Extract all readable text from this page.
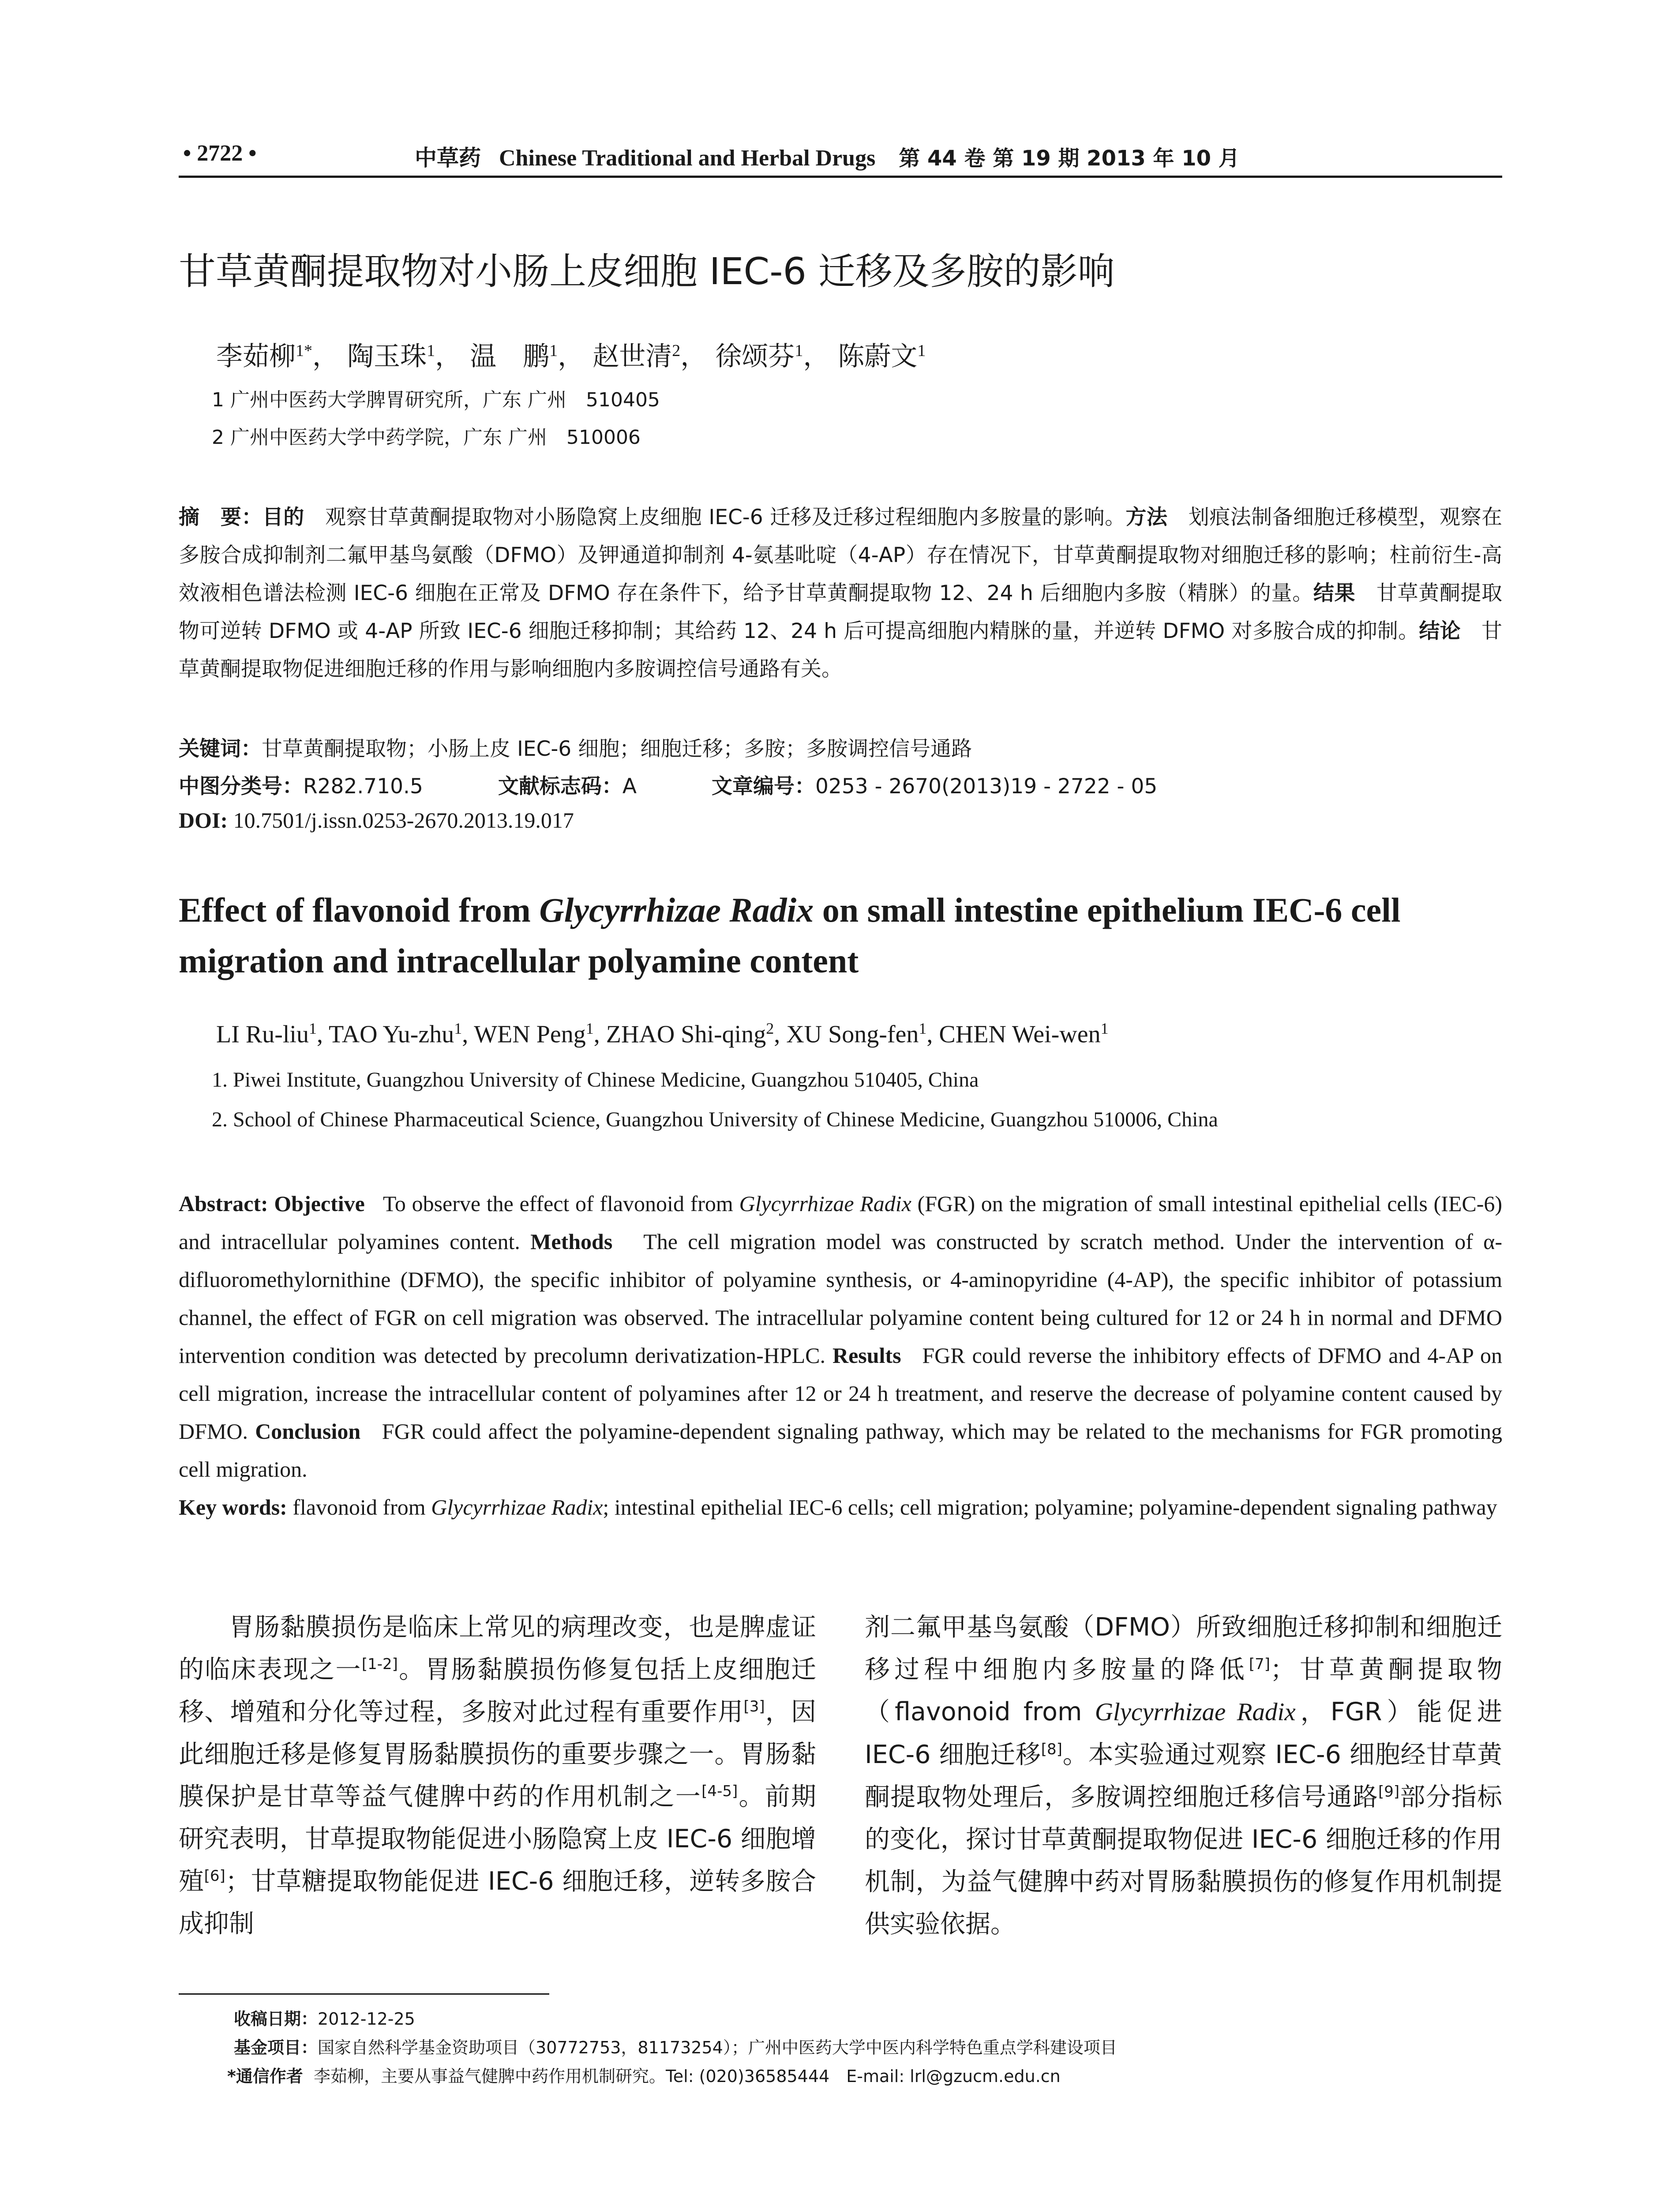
• 2722 •	中草药 Chinese Traditional and Herbal Drugs 第 44 卷 第 19 期 2013 年 10 月
甘草黄酮提取物对小肠上皮细胞 IEC-6 迁移及多胺的影响
李茹柳$^{1*}$， 陶玉珠$^1$， 温　鹏$^1$， 赵世清$^2$， 徐颂芬$^1$， 陈蔚文$^1$
1 广州中医药大学脾胃研究所，广东 广州　510405
2 广州中医药大学中药学院，广东 广州　510006
摘　要：目的　 观察甘草黄酮提取物对小肠隐窝上皮细胞 IEC-6 迁移及迁移过程细胞内多胺量的影响。方法　 划痕法制备细胞迁移模型，观察在多胺合成抑制剂二氟甲基鸟氨酸（DFMO）及钾通道抑制剂 4-氨基吡啶（4-AP）存在情况下，甘草黄酮提取物对细胞迁移的影响；柱前衍生-高效液相色谱法检测 IEC-6 细胞在正常及 DFMO 存在条件下，给予甘草黄酮提取物 12、24 h 后细胞内多胺（精脒）的量。结果　 甘草黄酮提取物可逆转 DFMO 或 4-AP 所致 IEC-6 细胞迁移抑制；其给药 12、24 h 后可提高细胞内精脒的量，并逆转 DFMO 对多胺合成的抑制。结论　 甘草黄酮提取物促进细胞迁移的作用与影响细胞内多胺调控信号通路有关。
关键词：甘草黄酮提取物；小肠上皮 IEC-6 细胞；细胞迁移；多胺；多胺调控信号通路
中图分类号：R282.710.5	文献标志码：A	文章编号：0253 - 2670(2013)19 - 2722 - 05
DOI: 10.7501/j.issn.0253-2670.2013.19.017
Effect of flavonoid from Glycyrrhizae Radix on small intestine epithelium IEC-6 cell migration and intracellular polyamine content
LI Ru-liu$^1$, TAO Yu-zhu$^1$, WEN Peng$^1$, ZHAO Shi-qing$^2$, XU Song-fen$^1$, CHEN Wei-wen$^1$
1. Piwei Institute, Guangzhou University of Chinese Medicine, Guangzhou 510405, China
2. School of Chinese Pharmaceutical Science, Guangzhou University of Chinese Medicine, Guangzhou 510006, China
Abstract: Objective To observe the effect of flavonoid from Glycyrrhizae Radix (FGR) on the migration of small intestinal epithelial cells (IEC-6) and intracellular polyamines content. Methods The cell migration model was constructed by scratch method. Under the intervention of α-difluoromethylornithine (DFMO), the specific inhibitor of polyamine synthesis, or 4-aminopyridine (4-AP), the specific inhibitor of potassium channel, the effect of FGR on cell migration was observed. The intracellular polyamine content being cultured for 12 or 24 h in normal and DFMO intervention condition was detected by precolumn derivatization-HPLC. Results FGR could reverse the inhibitory effects of DFMO and 4-AP on cell migration, increase the intracellular content of polyamines after 12 or 24 h treatment, and reserve the decrease of polyamine content caused by DFMO. Conclusion FGR could affect the polyamine-dependent signaling pathway, which may be related to the mechanisms for FGR promoting cell migration.
Key words: flavonoid from Glycyrrhizae Radix; intestinal epithelial IEC-6 cells; cell migration; polyamine; polyamine-dependent signaling pathway
胃肠黏膜损伤是临床上常见的病理改变，也是脾虚证的临床表现之一[1-2]。胃肠黏膜损伤修复包括上皮细胞迁移、增殖和分化等过程，多胺对此过程有重要作用[3]，因此细胞迁移是修复胃肠黏膜损伤的重要步骤之一。胃肠黏膜保护是甘草等益气健脾中药的作用机制之一[4-5]。前期研究表明，甘草提取物能促进小肠隐窝上皮 IEC-6 细胞增殖[6]；甘草糖提取物能促进 IEC-6 细胞迁移，逆转多胺合成抑制
剂二氟甲基鸟氨酸（DFMO）所致细胞迁移抑制和细胞迁移过程中细胞内多胺量的降低[7]；甘草黄酮提取物（flavonoid from Glycyrrhizae Radix，FGR）能促进 IEC-6 细胞迁移[8]。本实验通过观察 IEC-6 细胞经甘草黄酮提取物处理后，多胺调控细胞迁移信号通路[9]部分指标的变化，探讨甘草黄酮提取物促进 IEC-6 细胞迁移的作用机制，为益气健脾中药对胃肠黏膜损伤的修复作用机制提供实验依据。
收稿日期：2012-12-25
基金项目：国家自然科学基金资助项目（30772753，81173254）；广州中医药大学中医内科学特色重点学科建设项目
*通信作者 李茹柳，主要从事益气健脾中药作用机制研究。Tel: (020)36585444　E-mail: lrl@gzucm.edu.cn
